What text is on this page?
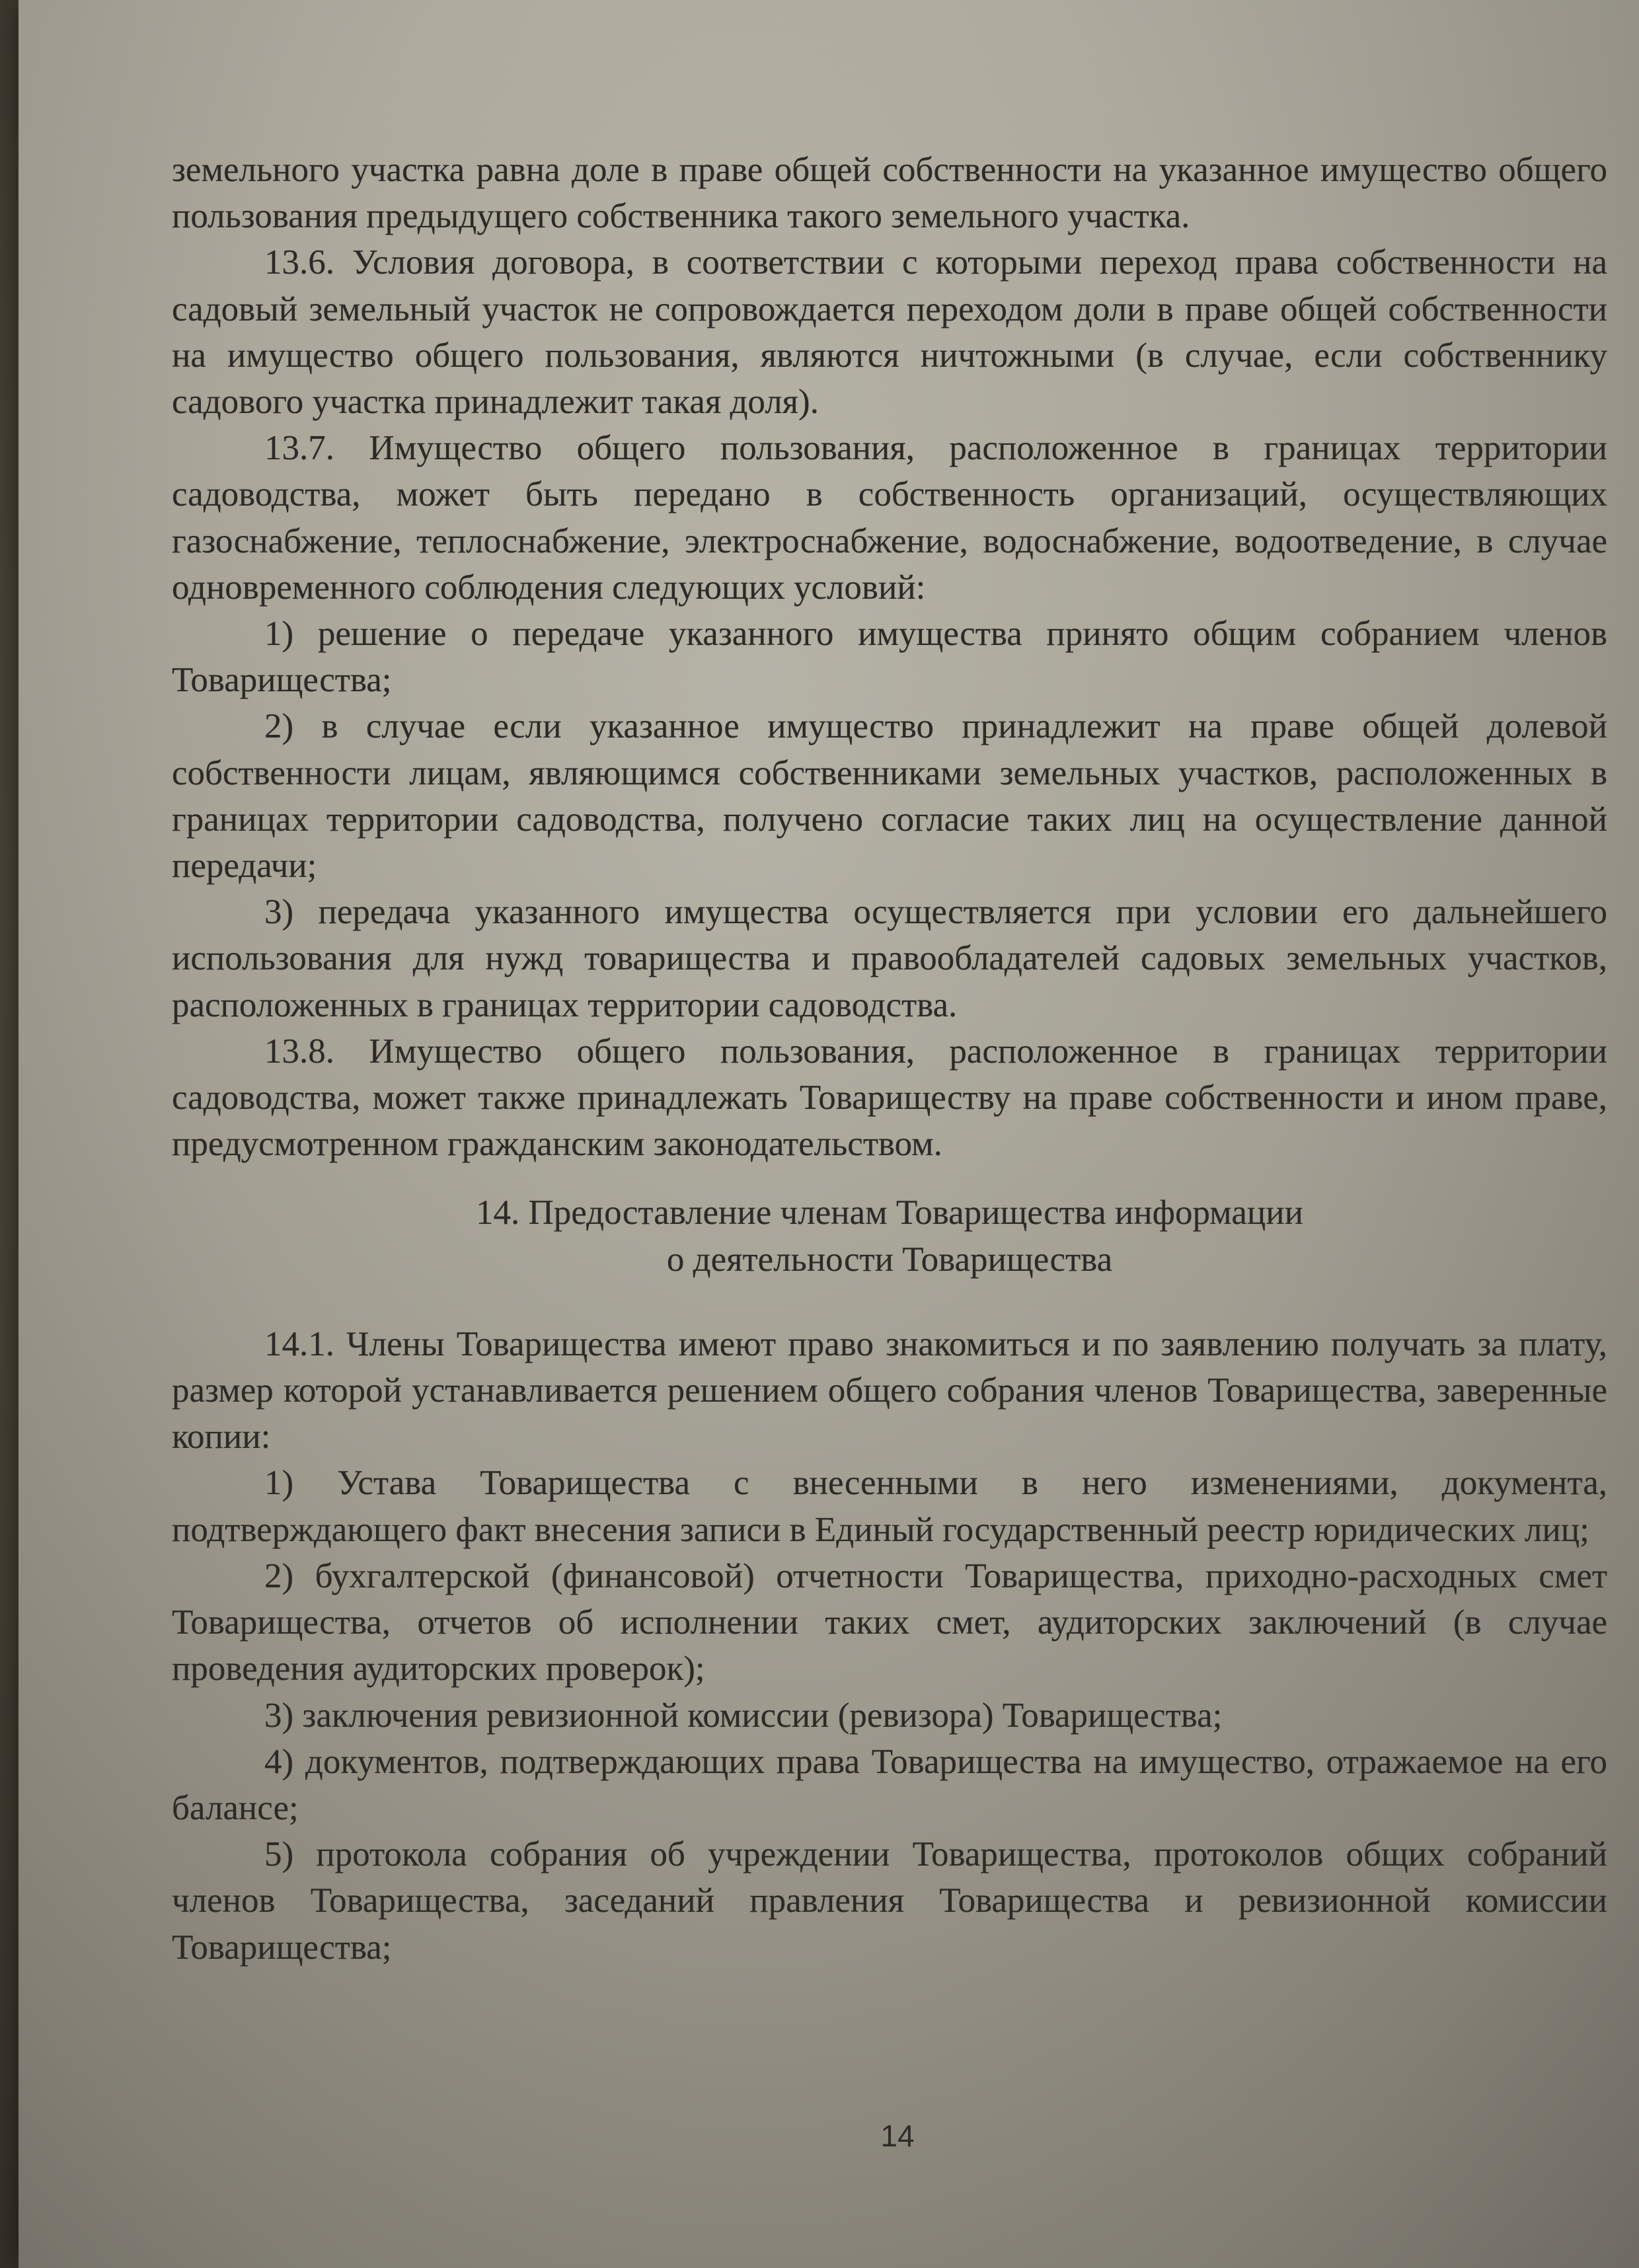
земельного участка равна доле в праве общей собственности на указанное имущество общего пользования предыдущего собственника такого земельного участка.

13.6. Условия договора, в соответствии с которыми переход права собственности на садовый земельный участок не сопровождается переходом доли в праве общей собственности на имущество общего пользования, являются ничтожными (в случае, если собственнику садового участка принадлежит такая доля).

13.7. Имущество общего пользования, расположенное в границах территории садоводства, может быть передано в собственность организаций, осуществляющих газоснабжение, теплоснабжение, электроснабжение, водоснабжение, водоотведение, в случае одновременного соблюдения следующих условий:

1) решение о передаче указанного имущества принято общим собранием членов Товарищества;

2) в случае если указанное имущество принадлежит на праве общей долевой собственности лицам, являющимся собственниками земельных участков, расположенных в границах территории садоводства, получено согласие таких лиц на осуществление данной передачи;

3) передача указанного имущества осуществляется при условии его дальнейшего использования для нужд товарищества и правообладателей садовых земельных участков, расположенных в границах территории садоводства.

13.8. Имущество общего пользования, расположенное в границах территории садоводства, может также принадлежать Товариществу на праве собственности и ином праве, предусмотренном гражданским законодательством.

14. Предоставление членам Товарищества информации

о деятельности Товарищества

14.1. Члены Товарищества имеют право знакомиться и по заявлению получать за плату, размер которой устанавливается решением общего собрания членов Товарищества, заверенные копии:

1) Устава Товарищества с внесенными в него изменениями, документа, подтверждающего факт внесения записи в Единый государственный реестр юридических лиц;

2) бухгалтерской (финансовой) отчетности Товарищества, приходно-расходных смет Товарищества, отчетов об исполнении таких смет, аудиторских заключений (в случае проведения аудиторских проверок);

3) заключения ревизионной комиссии (ревизора) Товарищества;

4) документов, подтверждающих права Товарищества на имущество, отражаемое на его балансе;

5) протокола собрания об учреждении Товарищества, протоколов общих собраний членов Товарищества, заседаний правления Товарищества и ревизионной комиссии Товарищества;

14
